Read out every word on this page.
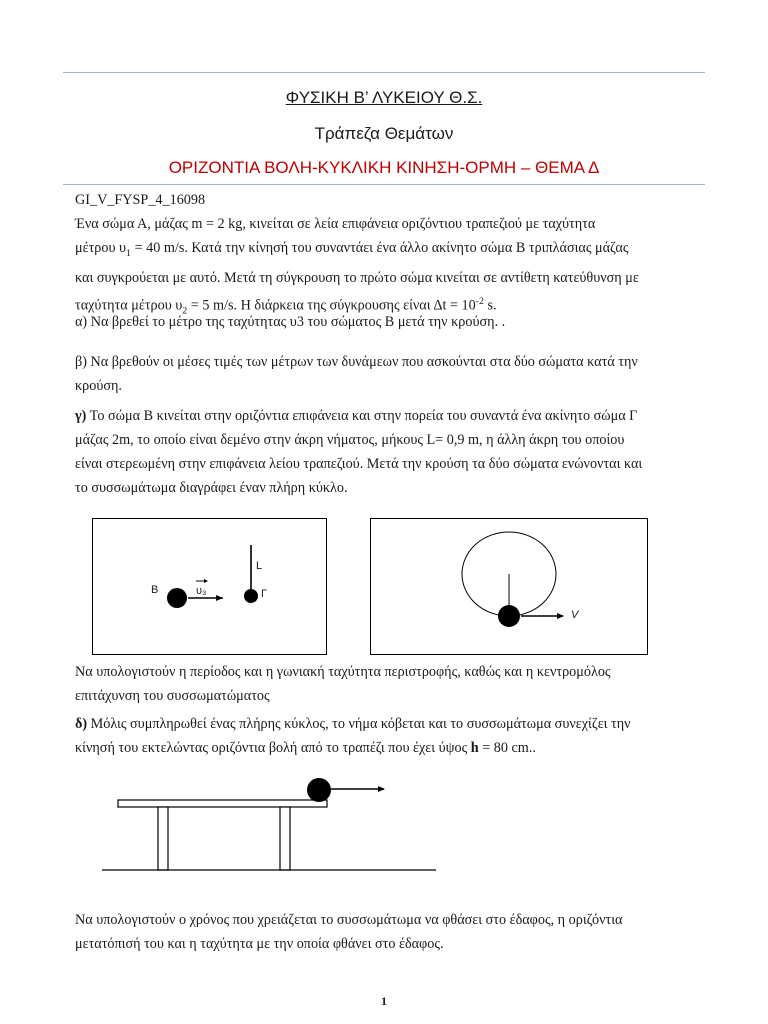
ΦΥΣΙΚΗ Β’ ΛΥΚΕΙΟΥ Θ.Σ.
Τράπεζα Θεμάτων
ΟΡΙΖΟΝΤΙΑ ΒΟΛΗ-ΚΥΚΛΙΚΗ ΚΙΝΗΣΗ-ΟΡΜΗ – ΘΕΜΑ Δ
GI_V_FYSP_4_16098
Ένα σώμα Α, μάζας m = 2 kg, κινείται σε λεία επιφάνεια οριζόντιου τραπεζιού με ταχύτητα
μέτρου $\upsilon_1 = 40$ m/s. Κατά την κίνησή του συναντάει ένα άλλο ακίνητο σώμα Β τριπλάσιας μάζας
και συγκρούεται με αυτό. Μετά τη σύγκρουση το πρώτο σώμα κινείται σε αντίθετη κατεύθυνση με
ταχύτητα μέτρου $\upsilon_2 = 5$ m/s. Η διάρκεια της σύγκρουσης είναι $\Delta t = 10^{-2}$ s.
α) Να βρεθεί το μέτρο της ταχύτητας υ3 του σώματος Β μετά την κρούση. .
β) Να βρεθούν οι μέσες τιμές των μέτρων των δυνάμεων που ασκούνται στα δύο σώματα κατά την
κρούση.
γ) Το σώμα Β κινείται στην οριζόντια επιφάνεια και στην πορεία του συναντά ένα ακίνητο σώμα Γ
μάζας 2m, το οποίο είναι δεμένο στην άκρη νήματος, μήκους L= 0,9 m, η άλλη άκρη του οποίου
είναι στερεωμένη στην επιφάνεια λείου τραπεζιού. Μετά την κρούση τα δύο σώματα ενώνονται και
το συσσωμάτωμα διαγράφει έναν πλήρη κύκλο.
B	υ₃
L
Γ
V
Να υπολογιστούν η περίοδος και η γωνιακή ταχύτητα περιστροφής, καθώς και η κεντρομόλος
επιτάχυνση του συσσωματώματος
δ) Μόλις συμπληρωθεί ένας πλήρης κύκλος, το νήμα κόβεται και το συσσωμάτωμα συνεχίζει την
κίνησή του εκτελώντας οριζόντια βολή από το τραπέζι που έχει ύψος h = 80 cm..
Να υπολογιστούν ο χρόνος που χρειάζεται το συσσωμάτωμα να φθάσει στο έδαφος, η οριζόντια
μετατόπισή του και η ταχύτητα με την οποία φθάνει στο έδαφος.
1
